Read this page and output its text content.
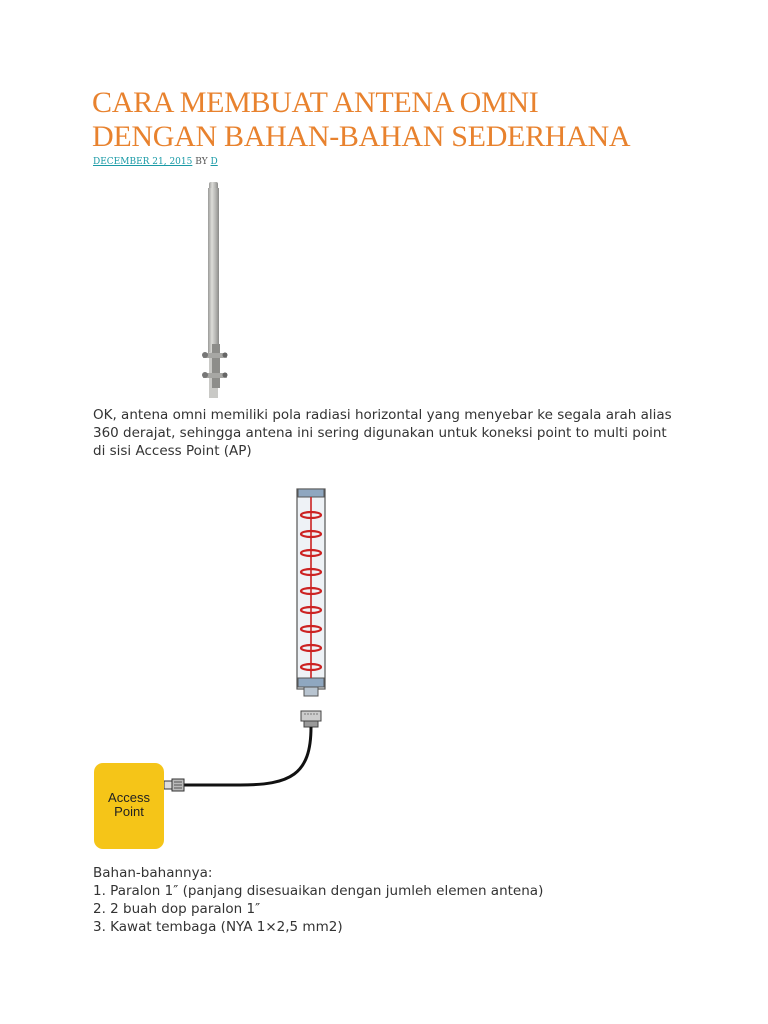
CARA MEMBUAT ANTENA OMNI
DENGAN BAHAN-BAHAN SEDERHANA
DECEMBER 21, 2015 BY D

OK, antena omni memiliki pola radiasi horizontal yang menyebar ke segala arah alias 360 derajat, sehingga antena ini sering digunakan untuk koneksi point to multi point di sisi Access Point (AP)

Access
Point
Bahan-bahannya:
1. Paralon 1″ (panjang disesuaikan dengan jumleh elemen antena)
2. 2 buah dop paralon 1″
3. Kawat tembaga (NYA 1×2,5 mm2)
